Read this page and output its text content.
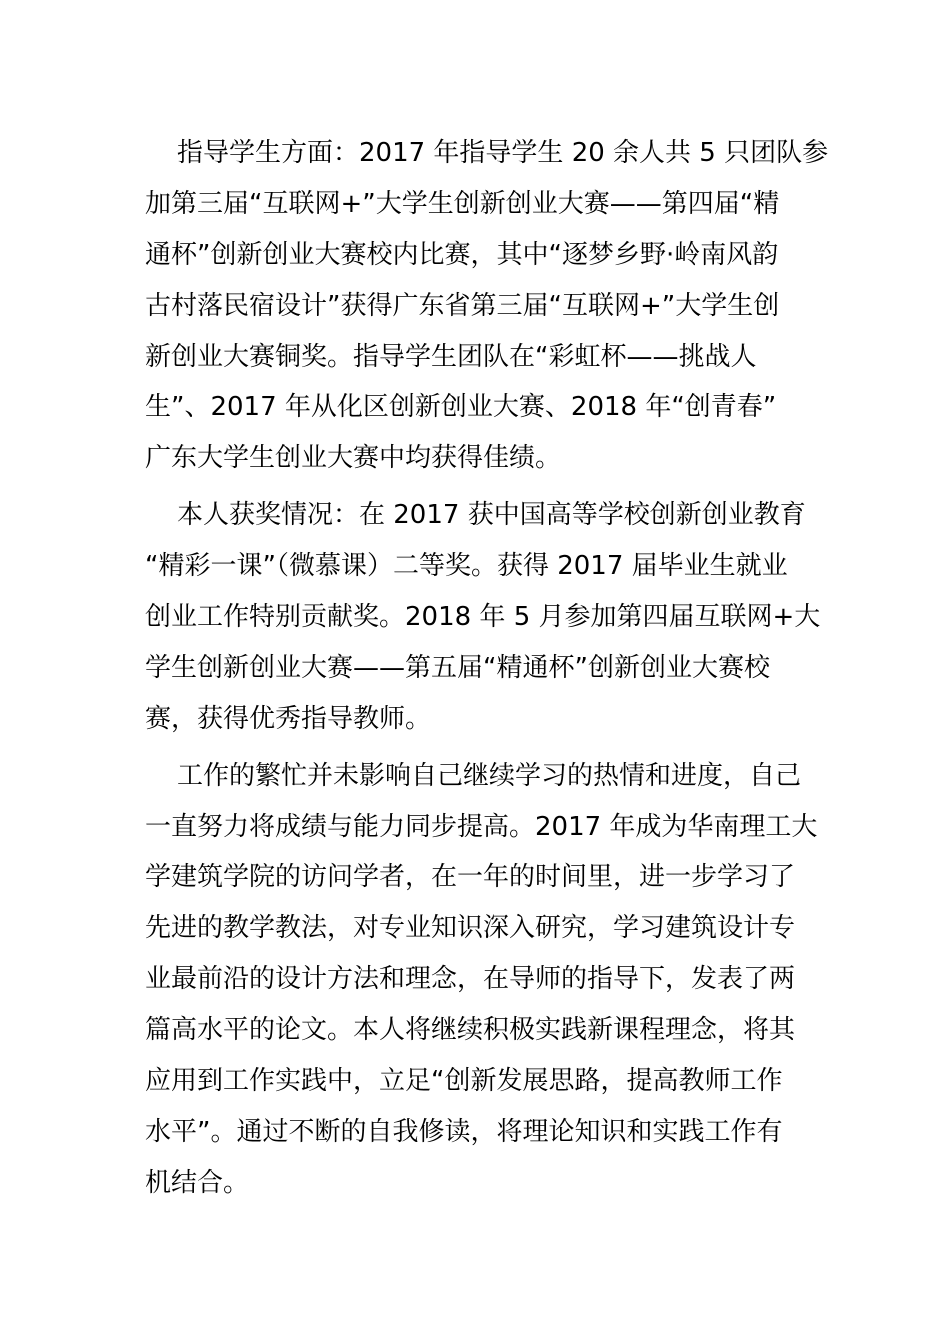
指导学生方面：2017 年指导学生 20 余人共 5 只团队参
加第三届“互联网+”大学生创新创业大赛——第四届“精
通杯”创新创业大赛校内比赛，其中“逐梦乡野·岭南风韵
古村落民宿设计”获得广东省第三届“互联网+”大学生创
新创业大赛铜奖。指导学生团队在“彩虹杯——挑战人
生”、2017 年从化区创新创业大赛、2018 年“创青春”
广东大学生创业大赛中均获得佳绩。
本人获奖情况：在 2017 获中国高等学校创新创业教育
“精彩一课”（微慕课）二等奖。获得 2017 届毕业生就业
创业工作特别贡献奖。2018 年 5 月参加第四届互联网+大
学生创新创业大赛——第五届“精通杯”创新创业大赛校
赛，获得优秀指导教师。
工作的繁忙并未影响自己继续学习的热情和进度，自己
一直努力将成绩与能力同步提高。2017 年成为华南理工大
学建筑学院的访问学者，在一年的时间里，进一步学习了
先进的教学教法，对专业知识深入研究，学习建筑设计专
业最前沿的设计方法和理念，在导师的指导下，发表了两
篇高水平的论文。本人将继续积极实践新课程理念，将其
应用到工作实践中，立足“创新发展思路，提高教师工作
水平”。通过不断的自我修读，将理论知识和实践工作有
机结合。
